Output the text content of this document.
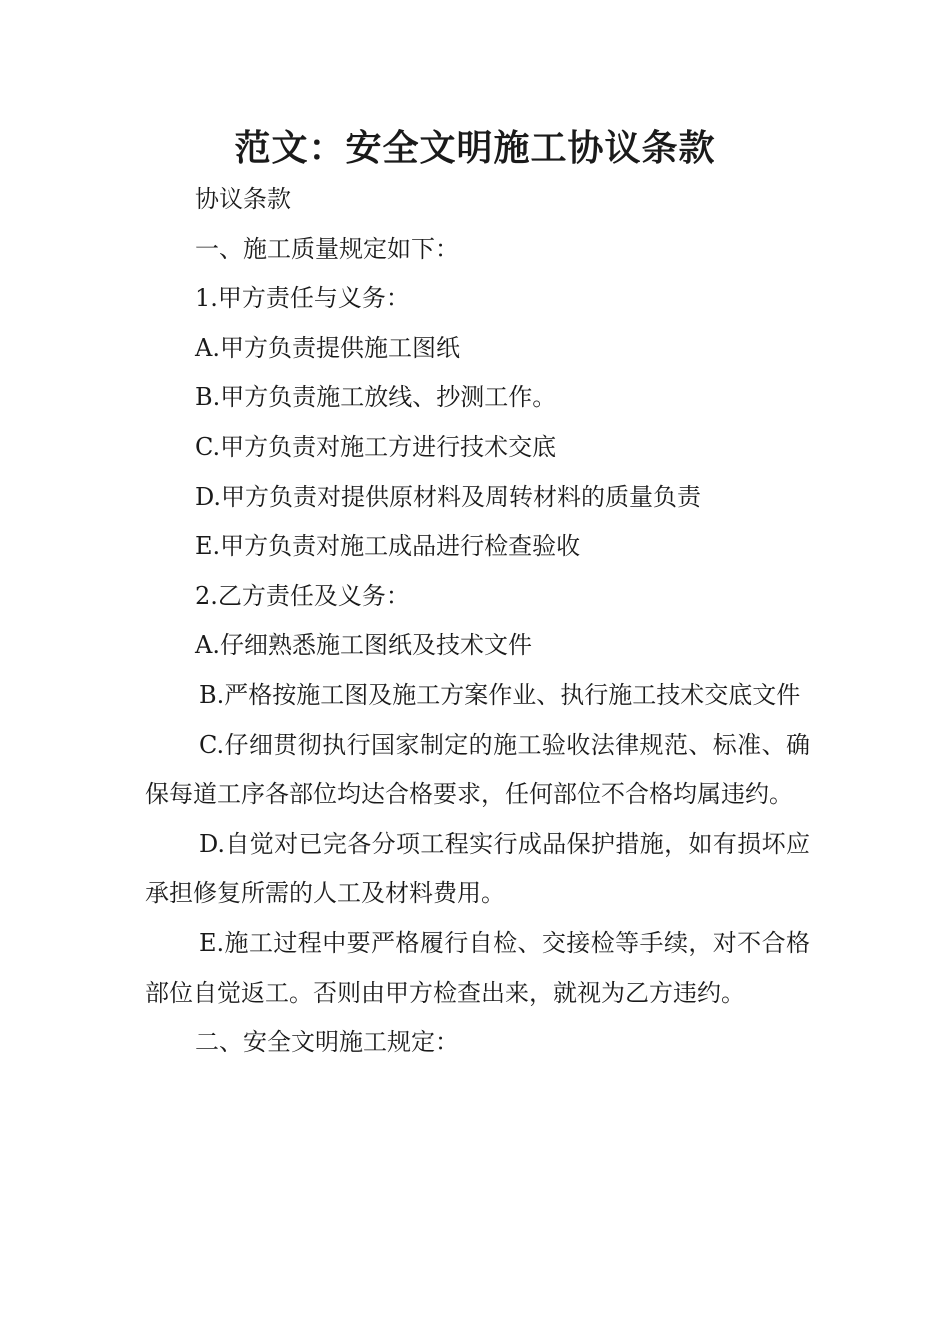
范文：安全文明施工协议条款

协议条款

一、施工质量规定如下：

1.甲方责任与义务：

A.甲方负责提供施工图纸

B.甲方负责施工放线、抄测工作。

C.甲方负责对施工方进行技术交底

D.甲方负责对提供原材料及周转材料的质量负责

E.甲方负责对施工成品进行检查验收

2.乙方责任及义务：

A.仔细熟悉施工图纸及技术文件

B.严格按施工图及施工方案作业、执行施工技术交底文件

C.仔细贯彻执行国家制定的施工验收法律规范、标准、确保每道工序各部位均达合格要求，任何部位不合格均属违约。

D.自觉对已完各分项工程实行成品保护措施，如有损坏应承担修复所需的人工及材料费用。

E.施工过程中要严格履行自检、交接检等手续，对不合格部位自觉返工。否则由甲方检查出来，就视为乙方违约。

二、安全文明施工规定：
